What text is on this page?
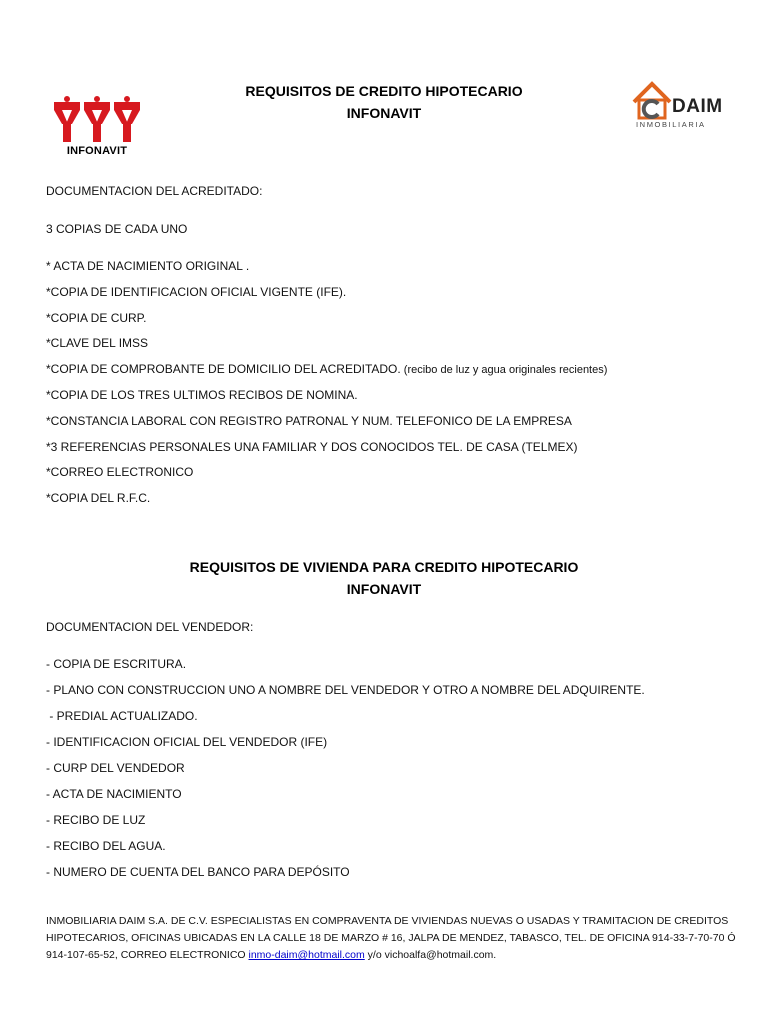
INFONAVIT
DAIM
INMOBILIARIA
REQUISITOS DE CREDITO HIPOTECARIO
INFONAVIT
DOCUMENTACION DEL ACREDITADO:
3 COPIAS DE CADA UNO
* ACTA DE NACIMIENTO ORIGINAL .
*COPIA DE IDENTIFICACION OFICIAL VIGENTE (IFE).
*COPIA DE CURP.
*CLAVE DEL IMSS
*COPIA DE COMPROBANTE DE DOMICILIO DEL ACREDITADO. (recibo de luz y agua originales recientes)
*COPIA DE LOS TRES ULTIMOS RECIBOS DE NOMINA.
*CONSTANCIA LABORAL CON REGISTRO PATRONAL Y NUM. TELEFONICO DE LA EMPRESA
*3 REFERENCIAS PERSONALES UNA FAMILIAR Y DOS CONOCIDOS TEL. DE CASA (TELMEX)
*CORREO ELECTRONICO
*COPIA DEL R.F.C.
REQUISITOS DE VIVIENDA PARA CREDITO HIPOTECARIO
INFONAVIT
DOCUMENTACION DEL VENDEDOR:
- COPIA DE ESCRITURA.
- PLANO CON CONSTRUCCION UNO A NOMBRE DEL VENDEDOR Y OTRO A NOMBRE DEL ADQUIRENTE.
- PREDIAL ACTUALIZADO.
- IDENTIFICACION OFICIAL DEL VENDEDOR (IFE)
- CURP DEL VENDEDOR
- ACTA DE NACIMIENTO
- RECIBO DE LUZ
- RECIBO DEL AGUA.
- NUMERO DE CUENTA DEL BANCO PARA DEPÓSITO
INMOBILIARIA DAIM S.A. DE C.V. ESPECIALISTAS EN COMPRAVENTA DE VIVIENDAS NUEVAS O USADAS Y TRAMITACION DE CREDITOS HIPOTECARIOS, OFICINAS UBICADAS EN LA CALLE 18 DE MARZO # 16, JALPA DE MENDEZ, TABASCO, TEL. DE OFICINA 914-33-7-70-70 Ó 914-107-65-52, CORREO ELECTRONICO inmo-daim@hotmail.com y/o vichoalfa@hotmail.com.
